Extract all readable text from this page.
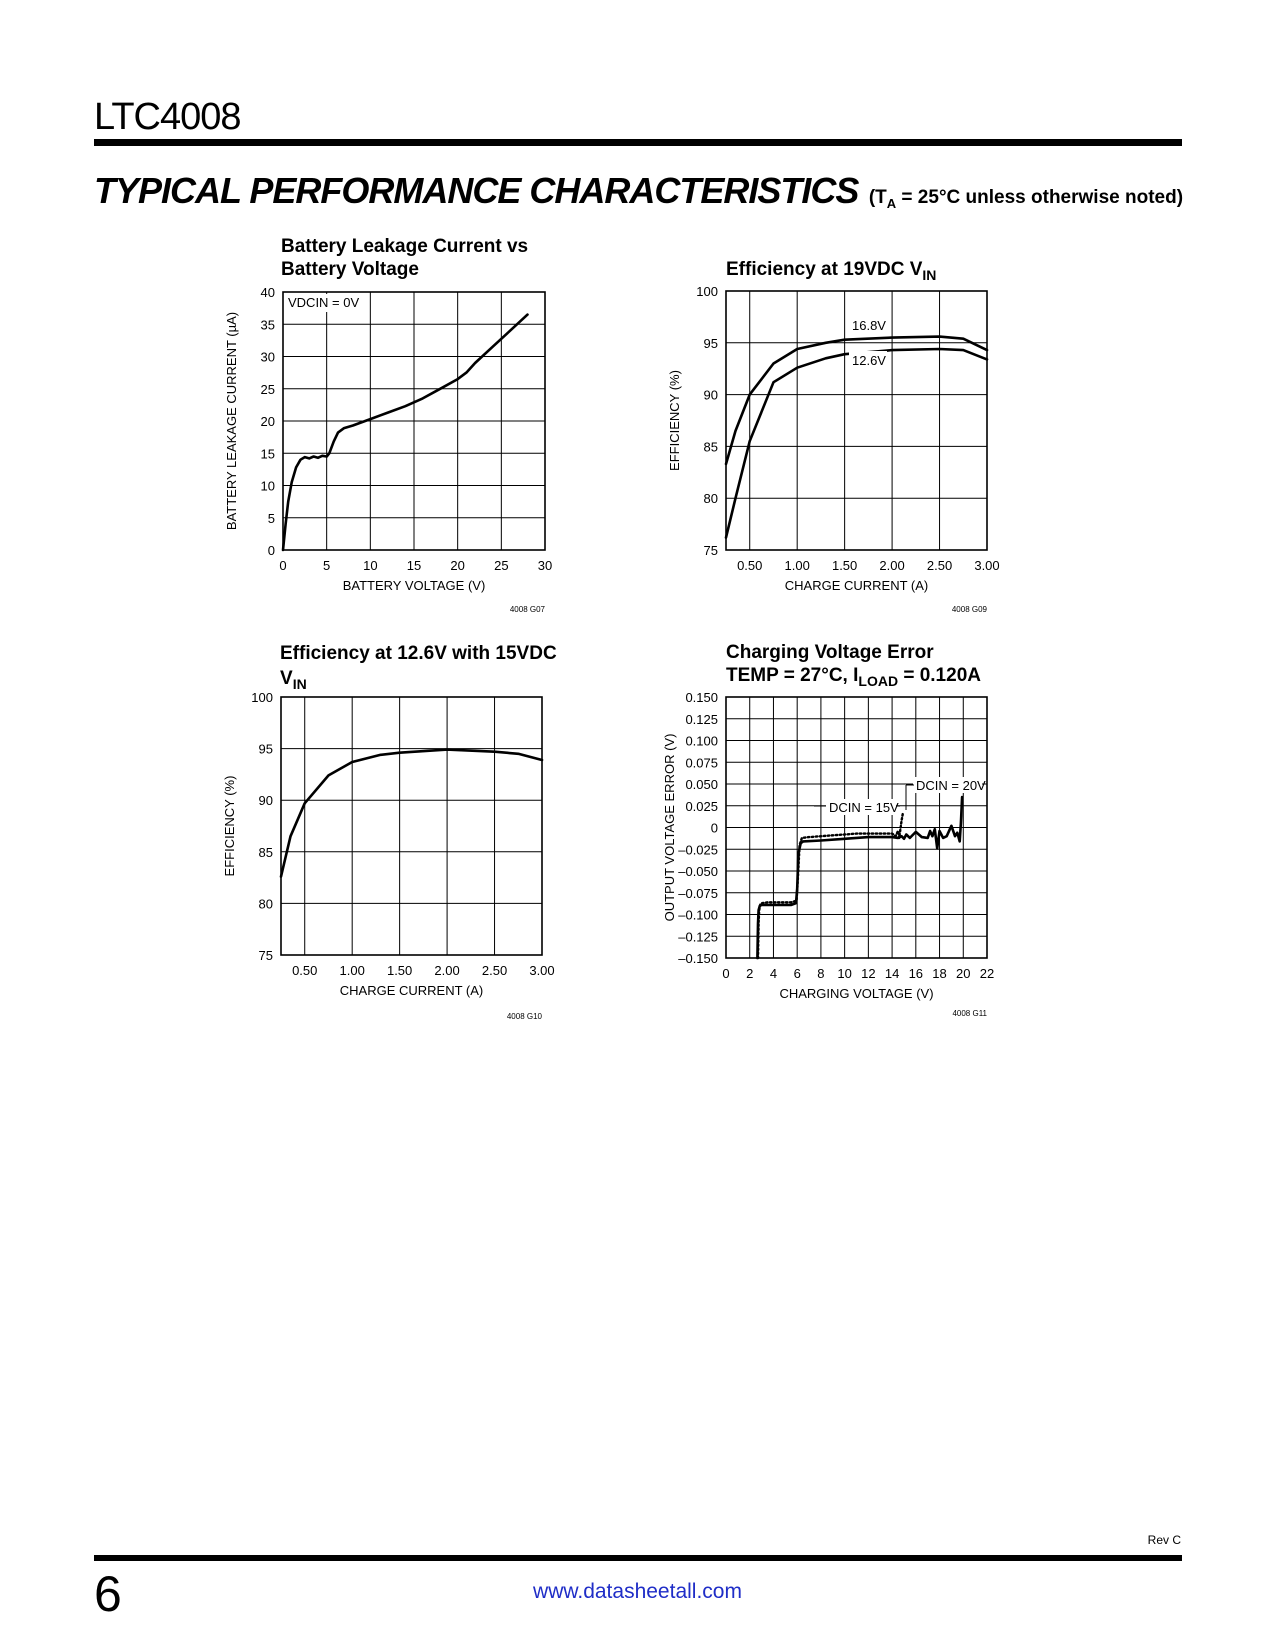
LTC4008
TYPICAL PERFORMANCE CHARACTERISTICS ($T_A = 25^\circ C$ unless otherwise noted)
0	5	10 15 20 25 30
0
5
10
15
20
25
30
35
40
BATTERY VOLTAGE (V)
BATTERY LEAKAGE CURRENT (µA)
Battery Leakage Current vs
Battery Voltage
4008 G07
VDCIN = 0V
0.50 1.00 1.50 2.00 2.50 3.00
75
80
85
90
95
100
CHARGE CURRENT (A)
EFFICIENCY (%)
Efficiency at 19VDC $V_{IN}$
4008 G09
16.8V
12.6V
0.50 1.00 1.50 2.00 2.50 3.00
75
80
85
90
95
100
CHARGE CURRENT (A)
EFFICIENCY (%)
Efficiency at 12.6V with 15VDC
$V_{IN}$
4008 G10
0 2 4 6 8 10 12 14 16 18 20 22
–0.150
–0.125
–0.100
–0.075
–0.050
–0.025
0
0.025
0.050
0.075
0.100
0.125
0.150
CHARGING VOLTAGE (V)
OUTPUT VOLTAGE ERROR (V)
Charging Voltage Error
TEMP = 27°C, $I_{LOAD} = 0.120A$
4008 G11
DCIN = 20V
DCIN = 15V
Rev C
6	www.datasheetall.com
